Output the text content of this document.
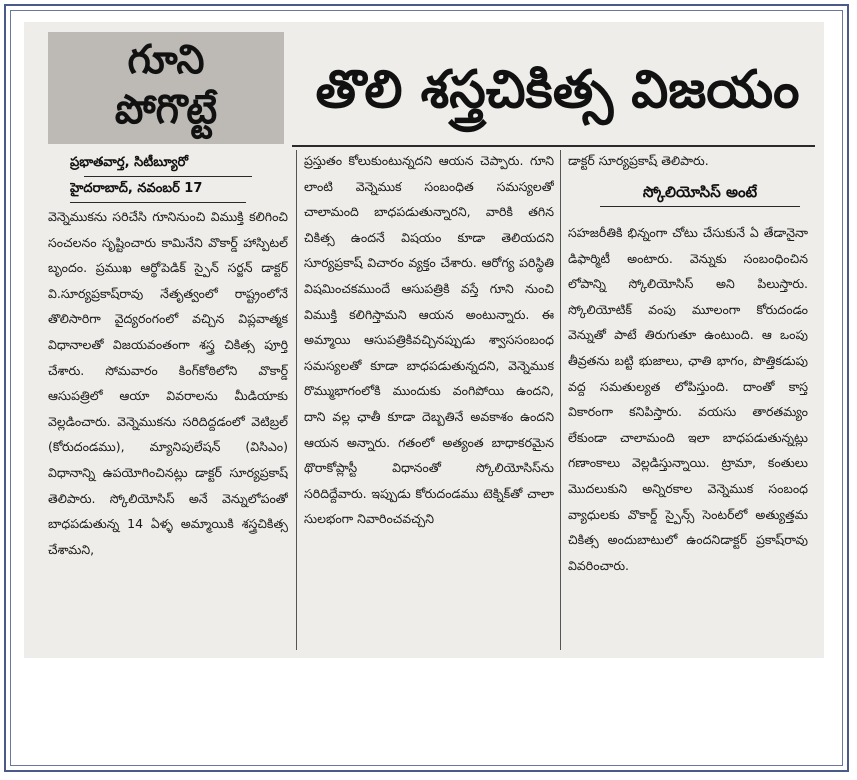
గూని
పోగొట్టే	తొలి శస్త్రచికిత్స విజయం
ప్రభాతవార్త, సిటీబ్యూరో
హైదరాబాద్, నవంబర్ 17
వెన్నెముకను సరిచేసి గూనినుంచి విముక్తి కలిగించి సంచలనం సృష్టించారు కామినేని వొకార్డ్ హాస్పిటల్ బృందం. ప్రముఖ ఆర్థోపెడిక్ స్పైన్ సర్జన్ డాక్టర్ వి.సూర్యప్రకాష్‌రావు నేతృత్వంలో రాష్ట్రంలోనే తొలిసారిగా వైద్యరంగంలో వచ్చిన విప్లవాత్మక విధానాలతో విజయవంతంగా శస్త్ర చికిత్స పూర్తి చేశారు. సోమవారం కింగ్‌కోఠిలోని వొకార్డ్ ఆసుపత్రిలో ఆయా వివరాలను మీడియాకు వెల్లడించారు. వెన్నెముకను సరిదిద్దడంలో వెటిబ్రల్ (కోరుదండము), మ్యానిపులేషన్ (విసిఎం) విధానాన్ని ఉపయోగించినట్లు డాక్టర్ సూర్యప్రకాష్ తెలిపారు. స్కోలియోసిస్ అనే వెన్నులోపంతో బాధపడుతున్న 14 ఏళ్ళ అమ్మాయికి శస్త్రచికిత్స చేశామని,
ప్రస్తుతం కోలుకుంటున్నదని ఆయన చెప్పారు. గూని లాంటి వెన్నెముక సంబంధిత సమస్యలతో చాలామంది బాధపడుతున్నారని, వారికి తగిన చికిత్స ఉందనే విషయం కూడా తెలియదని సూర్యప్రకాష్ విచారం వ్యక్తం చేశారు. ఆరోగ్య పరిస్థితి విషమించకముందే ఆసుపత్రికి వస్తే గూని నుంచి విముక్తి కలిగిస్తామని ఆయన అంటున్నారు. ఈ అమ్మాయి ఆసుపత్రికివచ్చినప్పుడు శ్వాససంబంధ సమస్యలతో కూడా బాధపడుతున్నదని, వెన్నెముక రొమ్ముభాగంలోకి ముందుకు వంగిపోయి ఉందని, దాని వల్ల ఛాతీ కూడా దెబ్బతినే అవకాశం ఉందని ఆయన అన్నారు. గతంలో అత్యంత బాధాకరమైన థొరాకోప్లాస్టీ విధానంతో స్కోలియోసిస్‌ను సరిదిద్దేవారు. ఇప్పుడు కోరుదండము టెక్నిక్‌తో చాలా సులభంగా నివారించవచ్చని
డాక్టర్ సూర్యప్రకాష్ తెలిపారు.
స్కోలియోసిస్ అంటే
సహజరీతికి భిన్నంగా చోటు చేసుకునే ఏ తేడానైనా డిఫార్మిటీ అంటారు. వెన్నుకు సంబంధించిన లోపాన్ని స్కోలియోసిస్ అని పిలుస్తారు. స్కోలియోటిక్ వంపు మూలంగా కోరుదండం వెన్నుతో పాటే తిరుగుతూ ఉంటుంది. ఆ ఒంపు తీవ్రతను బట్టి భుజాలు, ఛాతి భాగం, పొత్తికడుపు వద్ద సమతుల్యత లోపిస్తుంది. దాంతో కాస్త వికారంగా కనిపిస్తారు. వయసు తారతమ్యం లేకుండా చాలామంది ఇలా బాధపడుతున్నట్లు గణాంకాలు వెల్లడిస్తున్నాయి. ట్రామా, కంతులు మొదలుకుని అన్నిరకాల వెన్నెముక సంబంధ వ్యాధులకు వొకార్డ్ స్పైన్స్ సెంటర్‌లో అత్యుత్తమ చికిత్స అందుబాటులో ఉందనిడాక్టర్ ప్రకాష్‌రావు వివరించారు.
